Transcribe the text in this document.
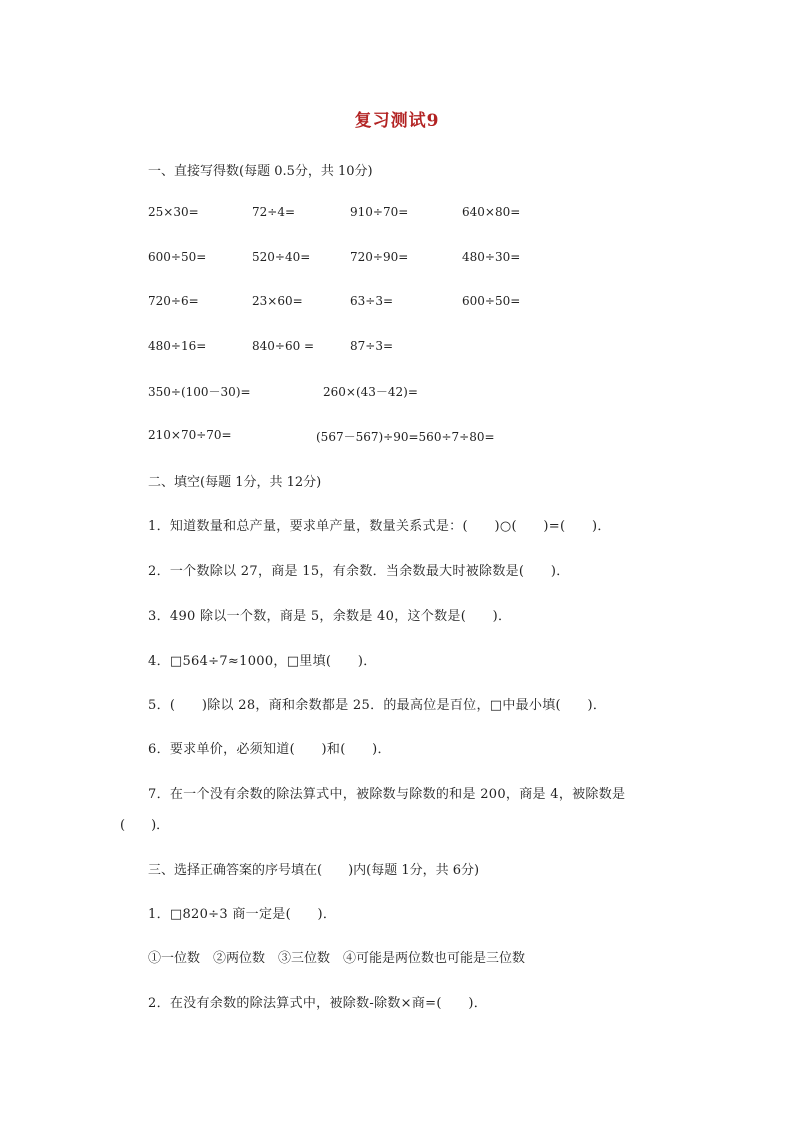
复习测试9
一、直接写得数(每题 0.5分，共 10分)
25×30=	72÷4=	910÷70=	640×80=
600÷50=	520÷40=	720÷90=	480÷30=
720÷6=	23×60=	63÷3=	600÷50=
480÷16=	840÷60 =	87÷3=
350÷(100－30)=	260×(43－42)=
210×70÷70=	(567－567)÷90=560÷7÷80=
二、填空(每题 1分，共 12分)
1．知道数量和总产量，要求单产量，数量关系式是：(　　)○(　　)=(　　)．
2．一个数除以 27，商是 15，有余数．当余数最大时被除数是(　　)．
3．490 除以一个数，商是 5，余数是 40，这个数是(　　)．
4．□564÷7≈1000，□里填(　　)．
5．(　　)除以 28，商和余数都是 25．的最高位是百位，□中最小填(　　)．
6．要求单价，必须知道(　　)和(　　)．
7．在一个没有余数的除法算式中，被除数与除数的和是 200，商是 4，被除数是
(　　)．
三、选择正确答案的序号填在(　　)内(每题 1分，共 6分)
1．□820÷3 商一定是(　　)．
①一位数　②两位数　③三位数　④可能是两位数也可能是三位数
2．在没有余数的除法算式中，被除数-除数×商=(　　)．
